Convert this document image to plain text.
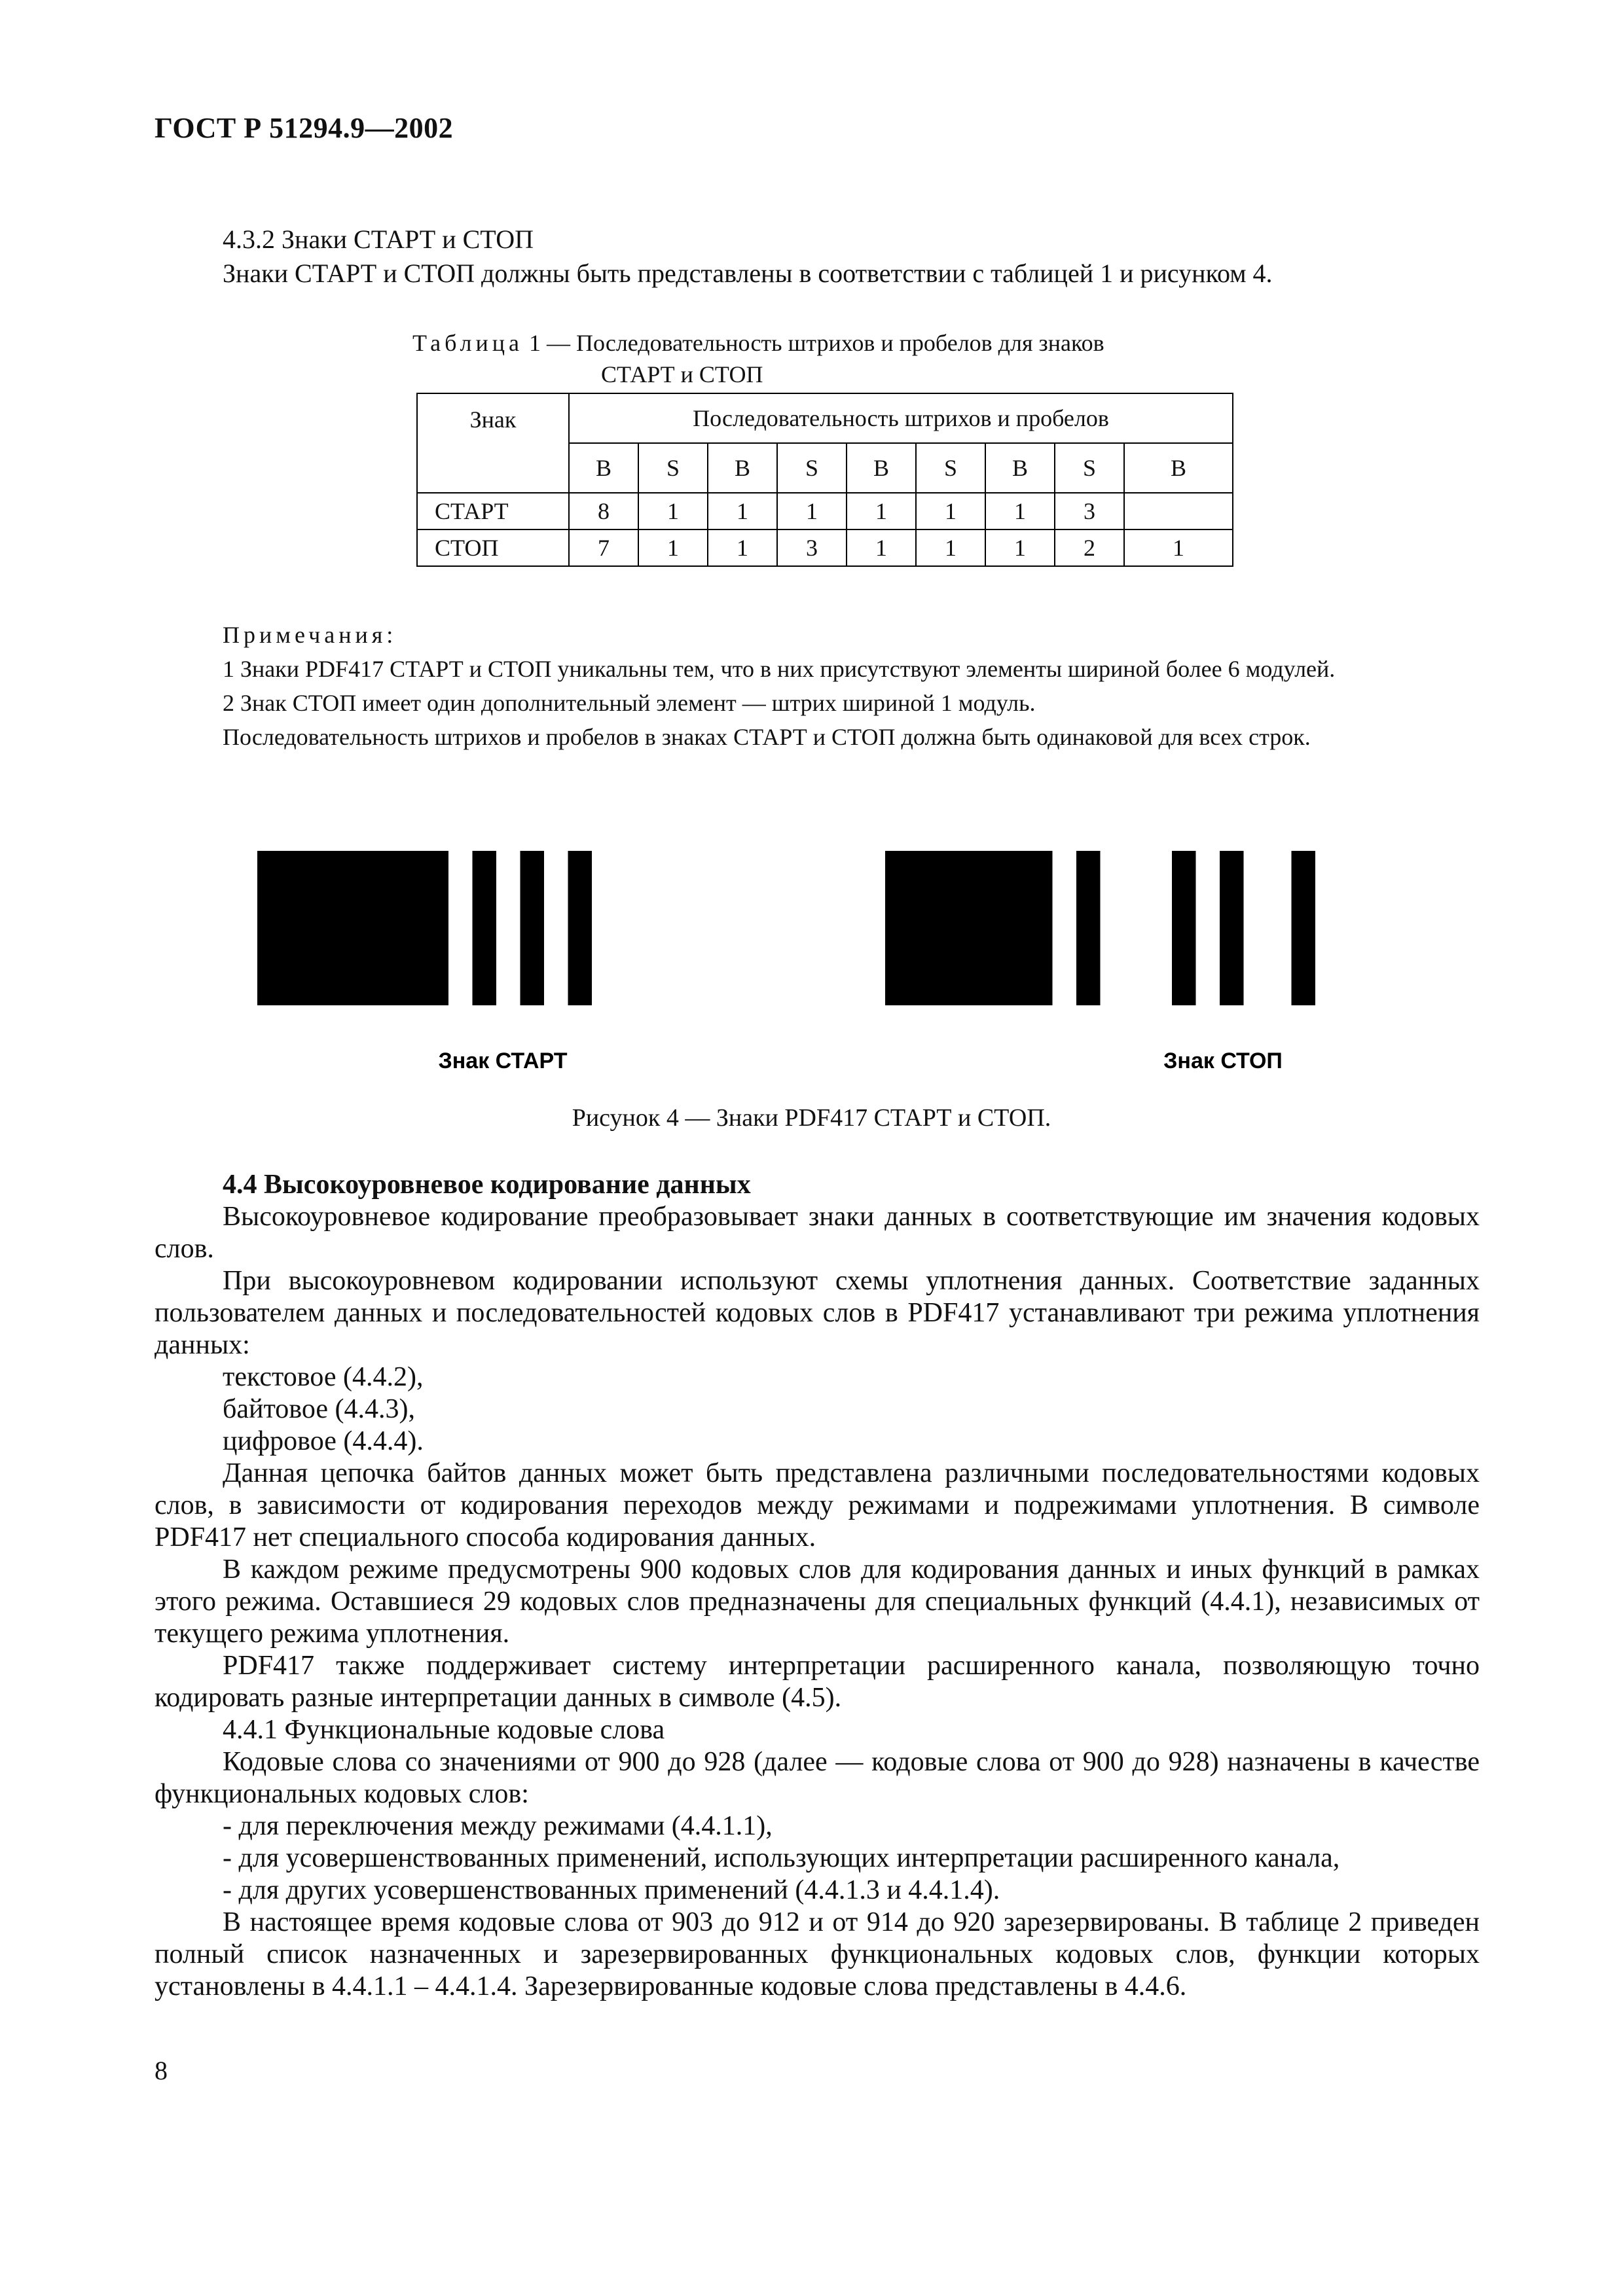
ГОСТ Р 51294.9—2002
4.3.2 Знаки СТАРТ и СТОП
Знаки СТАРТ и СТОП должны быть представлены в соответствии с таблицей 1 и рисунком 4.
Таблица 1 — Последовательность штрихов и пробелов для знаков
СТАРТ и СТОП
Знак	Последовательность штрихов и пробелов								
	B	S	B	S	B	S	B	S	B
СТАРТ	8	1	1	1	1	1	1	3	
СТОП	7	1	1	3	1	1	1	2	1

Примечания:

1 Знаки PDF417 СТАРТ и СТОП уникальны тем, что в них присутствуют элементы шириной более 6 модулей.

2 Знак СТОП имеет один дополнительный элемент — штрих шириной 1 модуль.

Последовательность штрихов и пробелов в знаках СТАРТ и СТОП должна быть одинаковой для всех строк.

Знак СТАРТ	Знак СТОП
Рисунок 4 — Знаки PDF417 СТАРТ и СТОП.

4.4 Высокоуровневое кодирование данных

Высокоуровневое кодирование преобразовывает знаки данных в соответствующие им значения кодовых слов.

При высокоуровневом кодировании используют схемы уплотнения данных. Соответствие заданных пользователем данных и последовательностей кодовых слов в PDF417 устанавливают три режима уплотнения данных:

текстовое (4.4.2),

байтовое (4.4.3),

цифровое (4.4.4).

Данная цепочка байтов данных может быть представлена различными последовательностями кодовых слов, в зависимости от кодирования переходов между режимами и подрежимами уплотнения. В символе PDF417 нет специального способа кодирования данных.

В каждом режиме предусмотрены 900 кодовых слов для кодирования данных и иных функций в рамках этого режима. Оставшиеся 29 кодовых слов предназначены для специальных функций (4.4.1), независимых от текущего режима уплотнения.

PDF417 также поддерживает систему интерпретации расширенного канала, позволяющую точно кодировать разные интерпретации данных в символе (4.5).

4.4.1 Функциональные кодовые слова

Кодовые слова со значениями от 900 до 928 (далее — кодовые слова от 900 до 928) назначены в качестве функциональных кодовых слов:

- для переключения между режимами (4.4.1.1),

- для усовершенствованных применений, использующих интерпретации расширенного канала,

- для других усовершенствованных применений (4.4.1.3 и 4.4.1.4).

В настоящее время кодовые слова от 903 до 912 и от 914 до 920 зарезервированы. В таблице 2 приведен полный список назначенных и зарезервированных функциональных кодовых слов, функции которых установлены в 4.4.1.1 – 4.4.1.4. Зарезервированные кодовые слова представлены в 4.4.6.

8
